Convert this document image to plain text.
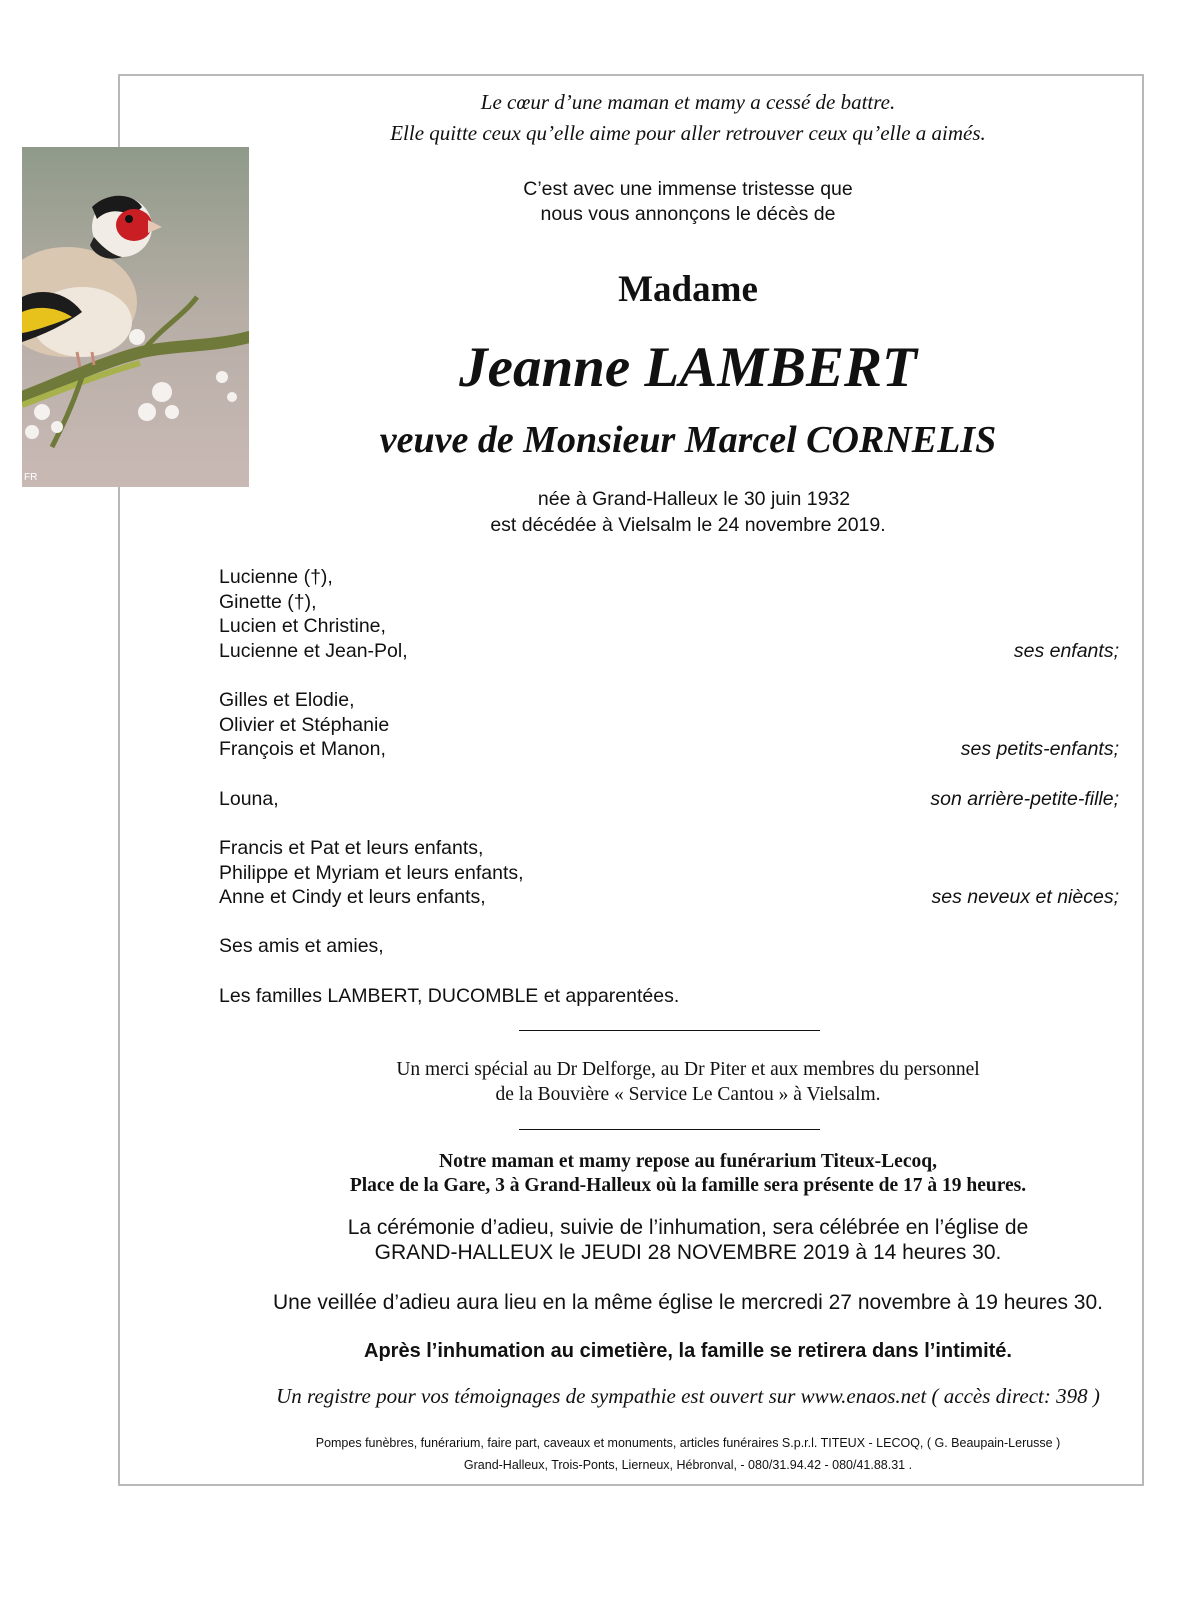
FR
Le cœur d’une maman et mamy a cessé de battre.
Elle quitte ceux qu’elle aime pour aller retrouver ceux qu’elle a aimés.
C’est avec une immense tristesse que
nous vous annonçons le décès de
Madame
Jeanne LAMBERT
veuve de Monsieur Marcel CORNELIS
née à Grand-Halleux le 30 juin 1932
est décédée à Vielsalm le 24 novembre 2019.
Lucienne (†),
Ginette (†),
Lucien et Christine,
Lucienne et Jean-Pol,	ses enfants;
Gilles et Elodie,
Olivier et Stéphanie
François et Manon,	ses petits-enfants;
Louna,	son arrière-petite-fille;
Francis et Pat et leurs enfants,
Philippe et Myriam et leurs enfants,
Anne et Cindy et leurs enfants,	ses neveux et nièces;
Ses amis et amies,
Les familles LAMBERT, DUCOMBLE et apparentées.
Un merci spécial au Dr Delforge, au Dr Piter et aux membres du personnel
de la Bouvière « Service Le Cantou » à Vielsalm.
Notre maman et mamy repose au funérarium Titeux-Lecoq,
Place de la Gare, 3 à Grand-Halleux où la famille sera présente de 17 à 19 heures.
La cérémonie d’adieu, suivie de l’inhumation, sera célébrée en l’église de
GRAND-HALLEUX le JEUDI 28 NOVEMBRE 2019 à 14 heures 30.
Une veillée d’adieu aura lieu en la même église le mercredi 27 novembre à 19 heures 30.
Après l’inhumation au cimetière, la famille se retirera dans l’intimité.
Un registre pour vos témoignages de sympathie est ouvert sur www.enaos.net ( accès direct: 398 )
Pompes funèbres, funérarium, faire part, caveaux et monuments, articles funéraires S.p.r.l. TITEUX - LECOQ, ( G. Beaupain-Lerusse )
Grand-Halleux, Trois-Ponts, Lierneux, Hébronval, - 080/31.94.42 - 080/41.88.31 .
